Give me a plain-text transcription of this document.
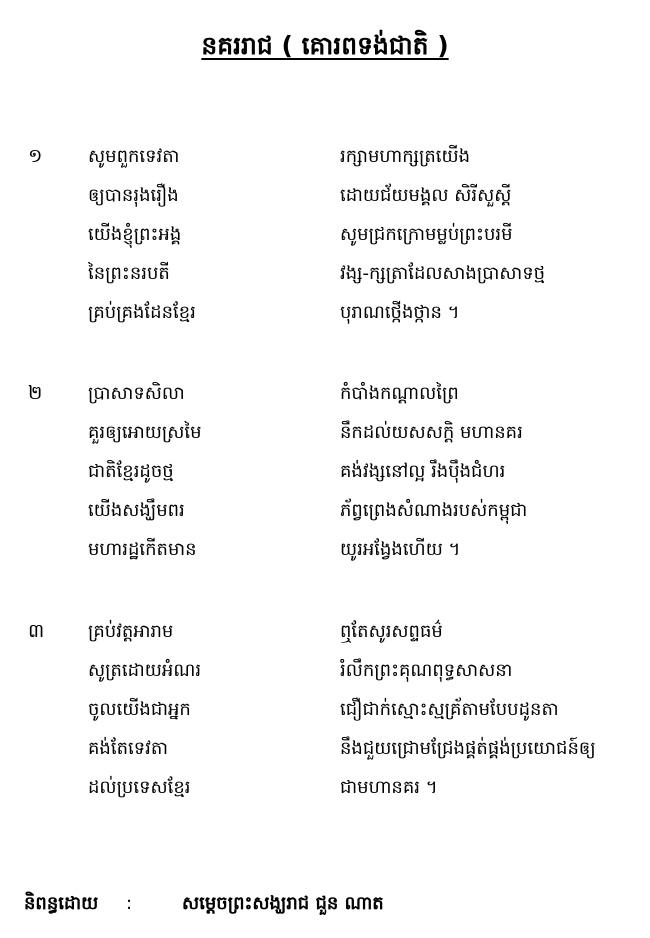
នគររាជ ( គោរពទង់ជាតិ )
១	សូមពួកទេវតា	រក្សាមហាក្សត្រយើង
ឲ្យបានរុងរឿង	ដោយជ័យមង្គល សិរីសួស្តី
យើងខ្ញុំព្រះអង្គ	សូមជ្រកក្រោមម្លប់ព្រះបរមី
នៃព្រះនរបតី	វង្ស-ក្សត្រាដែលសាងប្រាសាទថ្ម
គ្រប់គ្រងដែនខ្មែរ	បុរាណថ្កើងថ្កាន ។
២	ប្រាសាទសិលា	កំបាំងកណ្តាលព្រៃ
គួរឲ្យអោយស្រមៃ	នឹកដល់យសសក្តិ មហានគរ
ជាតិខ្មែរដូចថ្ម	គង់វង្សនៅល្អ រឹងប៉ឹងជំហរ
យើងសង្ឃឹមពរ	ភ័ព្វព្រេងសំណាងរបស់កម្ពុជា
មហារដ្ឋកើតមាន	យូរអង្វែងហើយ ។
៣ គ្រប់វត្តអារាម	ឮតែសូរសព្ទធម៌
សូត្រដោយអំណរ	រំលឹកព្រះគុណពុទ្ធសាសនា
ចូលយើងជាអ្នក	ជឿជាក់ស្មោះស្មគ្រ័តាមបែបដូនតា
គង់តែទេវតា	នឹងជួយជ្រោមជ្រែងផ្គត់ផ្គង់ប្រយោជន៍ឲ្យ
ដល់ប្រទេសខ្មែរ	ជាមហានគរ ។
និពន្ធដោយ :	សម្តេចព្រះសង្ឃរាជ ជួន ណាត
